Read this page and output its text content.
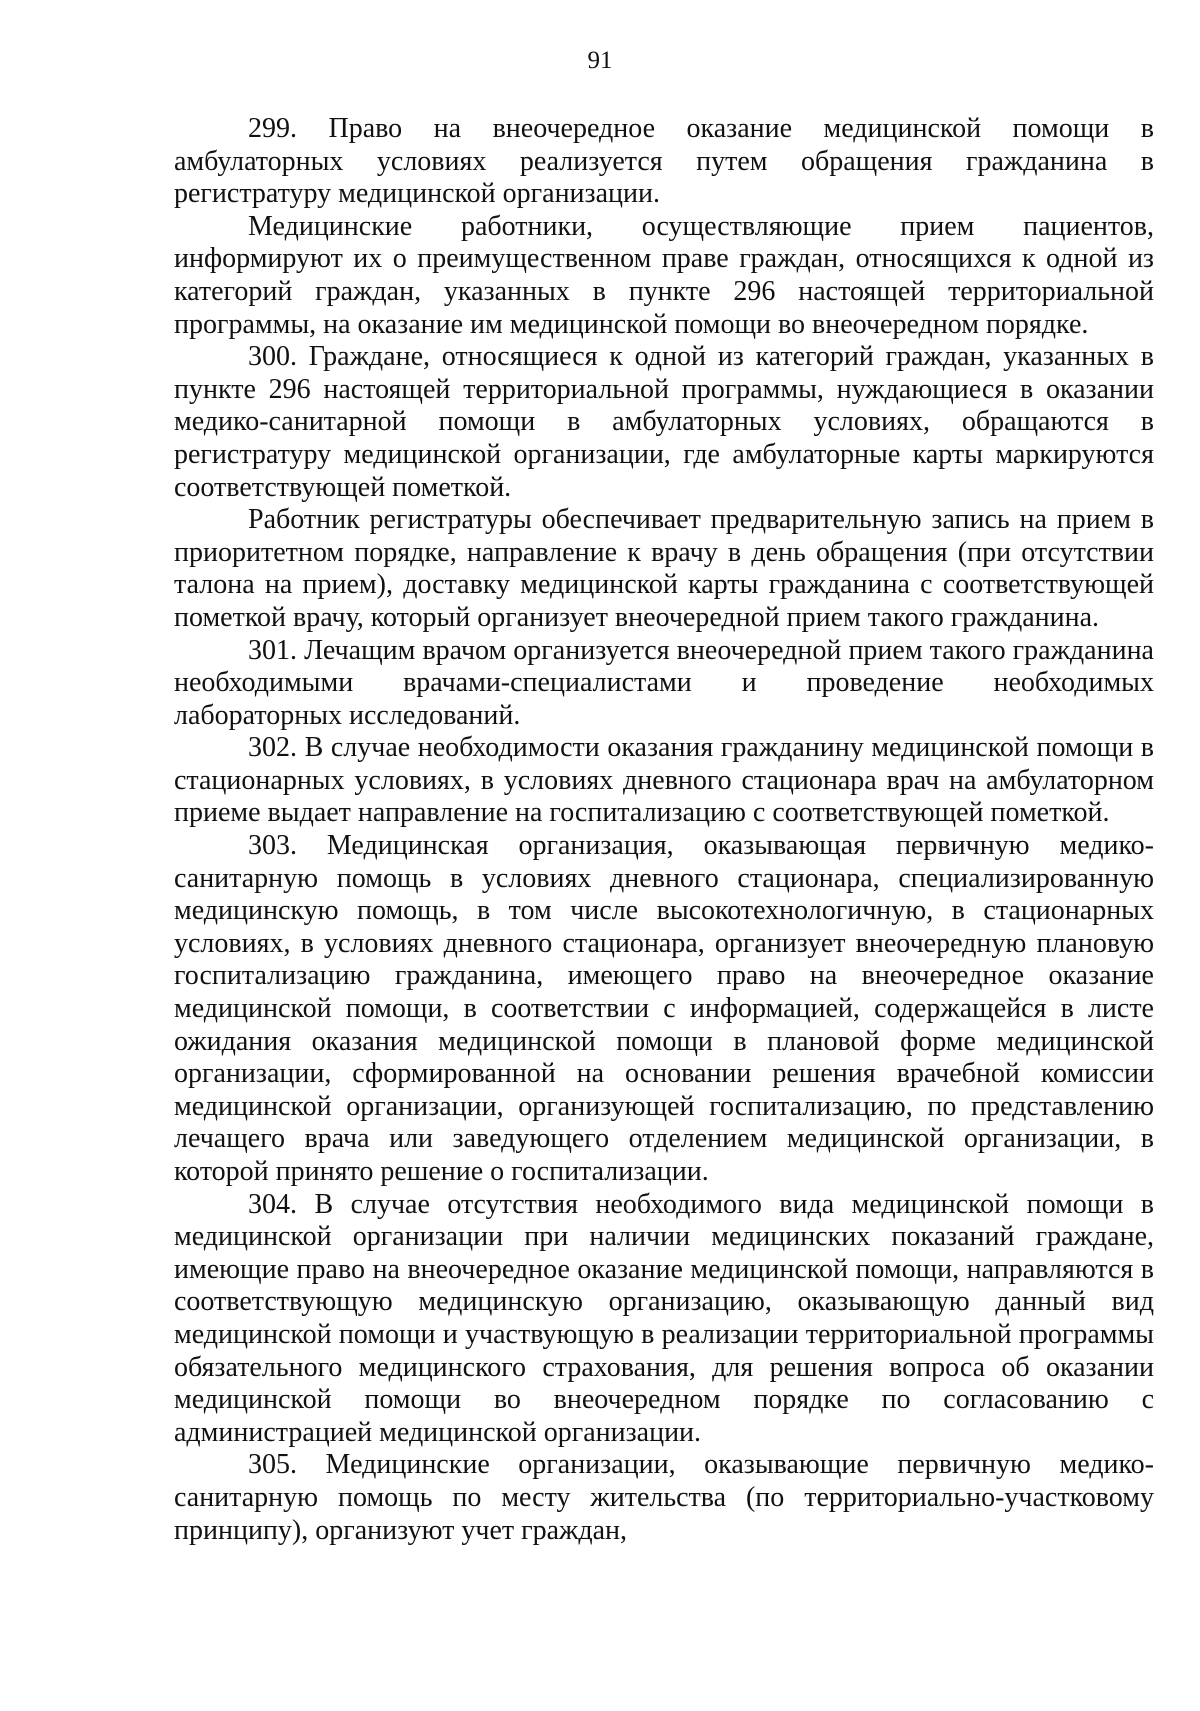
91

299. Право на внеочередное оказание медицинской помощи в амбулаторных условиях реализуется путем обращения гражданина в регистратуру медицинской организации.

Медицинские работники, осуществляющие прием пациентов, информируют их о преимущественном праве граждан, относящихся к одной из категорий граждан, указанных в пункте 296 настоящей территориальной программы, на оказание им медицинской помощи во внеочередном порядке.

300. Граждане, относящиеся к одной из категорий граждан, указанных в пункте 296 настоящей территориальной программы, нуждающиеся в оказании медико-санитарной помощи в амбулаторных условиях, обращаются в регистратуру медицинской организации, где амбулаторные карты маркируются соответствующей пометкой.

Работник регистратуры обеспечивает предварительную запись на прием в приоритетном порядке, направление к врачу в день обращения (при отсутствии талона на прием), доставку медицинской карты гражданина с соответствующей пометкой врачу, который организует внеочередной прием такого гражданина.

301. Лечащим врачом организуется внеочередной прием такого гражданина необходимыми врачами-специалистами и проведение необходимых лабораторных исследований.

302. В случае необходимости оказания гражданину медицинской помощи в стационарных условиях, в условиях дневного стационара врач на амбулаторном приеме выдает направление на госпитализацию с соответствующей пометкой.

303. Медицинская организация, оказывающая первичную медико-санитарную помощь в условиях дневного стационара, специализированную медицинскую помощь, в том числе высокотехнологичную, в стационарных условиях, в условиях дневного стационара, организует внеочередную плановую госпитализацию гражданина, имеющего право на внеочередное оказание медицинской помощи, в соответствии с информацией, содержащейся в листе ожидания оказания медицинской помощи в плановой форме медицинской организации, сформированной на основании решения врачебной комиссии медицинской организации, организующей госпитализацию, по представлению лечащего врача или заведующего отделением медицинской организации, в которой принято решение о госпитализации.

304. В случае отсутствия необходимого вида медицинской помощи в медицинской организации при наличии медицинских показаний граждане, имеющие право на внеочередное оказание медицинской помощи, направляются в соответствующую медицинскую организацию, оказывающую данный вид медицинской помощи и участвующую в реализации территориальной программы обязательного медицинского страхования, для решения вопроса об оказании медицинской помощи во внеочередном порядке по согласованию с администрацией медицинской организации.

305. Медицинские организации, оказывающие первичную медико-санитарную помощь по месту жительства (по территориально-участковому принципу), организуют учет граждан,
